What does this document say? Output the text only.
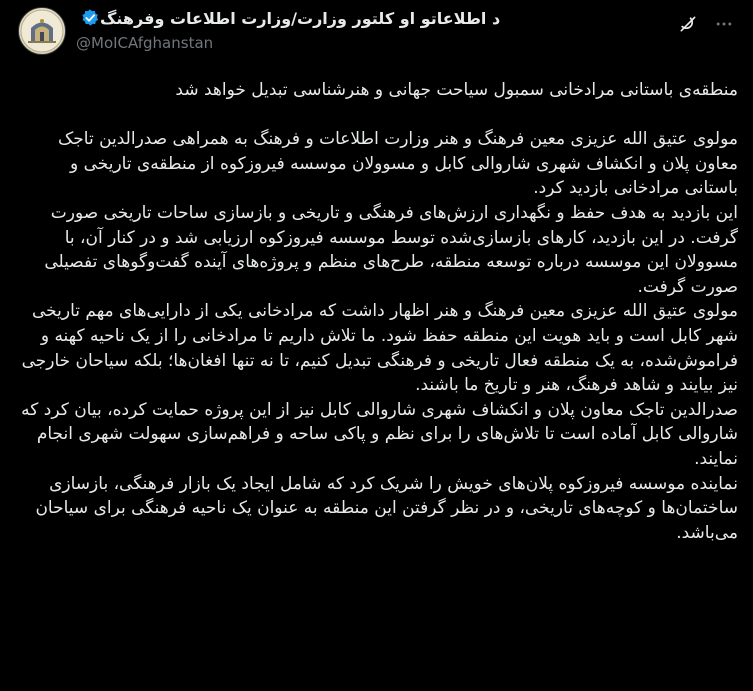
د اطلاعاتو او کلتور وزارت/وزارت اطلاعات وفرهنگ
@MoICAfghanstan

منطقه‌ی باستانی مرادخانی سمبول سیاحت جهانی و هنرشناسی تبدیل خواهد شد

مولوی عتیق الله عزیزی معین فرهنگ و هنر وزارت اطلاعات و فرهنگ به همراهی صدرالدین تاجک معاون پلان و انکشاف شهری شاروالی کابل و مسوولان موسسه فیروزکوه از منطقه‌ی تاریخی و باستانی مرادخانی بازدید کرد.

این بازدید به هدف حفظ و نگهداری ارزش‌های فرهنگی و تاریخی و بازسازی ساحات تاریخی صورت گرفت. در این بازدید، کارهای بازسازی‌شده توسط موسسه فیروزکوه ارزیابی شد و در کنار آن، با مسوولان این موسسه درباره توسعه منطقه، طرح‌های منظم و پروژه‌های آینده گفت‌وگوهای تفصیلی صورت گرفت.

مولوی عتیق الله عزیزی معین فرهنگ و هنر اظهار داشت که مرادخانی یکی از دارایی‌های مهم تاریخی شهر کابل است و باید هویت این منطقه حفظ شود. ما تلاش داریم تا مرادخانی را از یک ناحیه کهنه و فراموش‌شده، به یک منطقه فعال تاریخی و فرهنگی تبدیل کنیم، تا نه تنها افغان‌ها؛ بلکه سیاحان خارجی نیز بیایند و شاهد فرهنگ، هنر و تاریخ ما باشند.

صدرالدین تاجک معاون پلان و انکشاف شهری شاروالی کابل نیز از این پروژه حمایت کرده، بیان کرد که شاروالی کابل آماده است تا تلاش‌های را برای نظم و پاکی ساحه و فراهم‌سازی سهولت شهری انجام نمایند.

نماینده موسسه فیروزکوه پلان‌های خویش را شریک کرد که شامل ایجاد یک بازار فرهنگی، بازسازی ساختمان‌ها و کوچه‌های تاریخی، و در نظر گرفتن این منطقه به عنوان یک ناحیه فرهنگی برای سیاحان می‌باشد.
